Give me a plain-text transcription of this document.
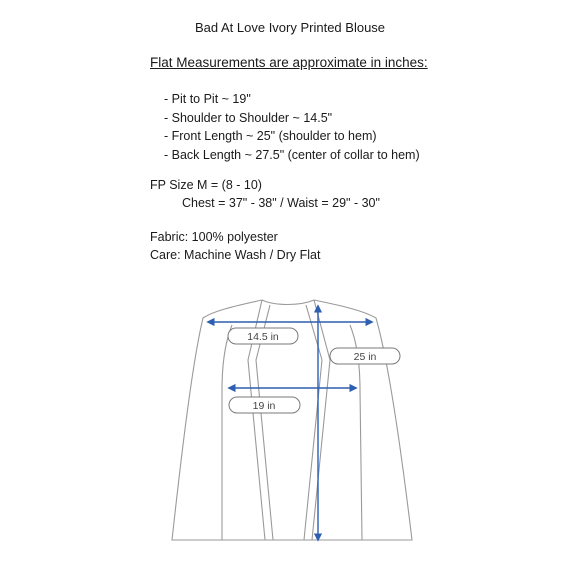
Bad At Love Ivory Printed Blouse
Flat Measurements are approximate in inches:
- Pit to Pit ~ 19"
- Shoulder to Shoulder ~ 14.5"
- Front Length ~ 25" (shoulder to hem)
- Back Length ~ 27.5" (center of collar to hem)
FP Size M = (8 - 10)
Chest = 37" - 38" / Waist = 29" - 30"
Fabric: 100% polyester
Care: Machine Wash / Dry Flat
14.5 in
25 in
19 in
